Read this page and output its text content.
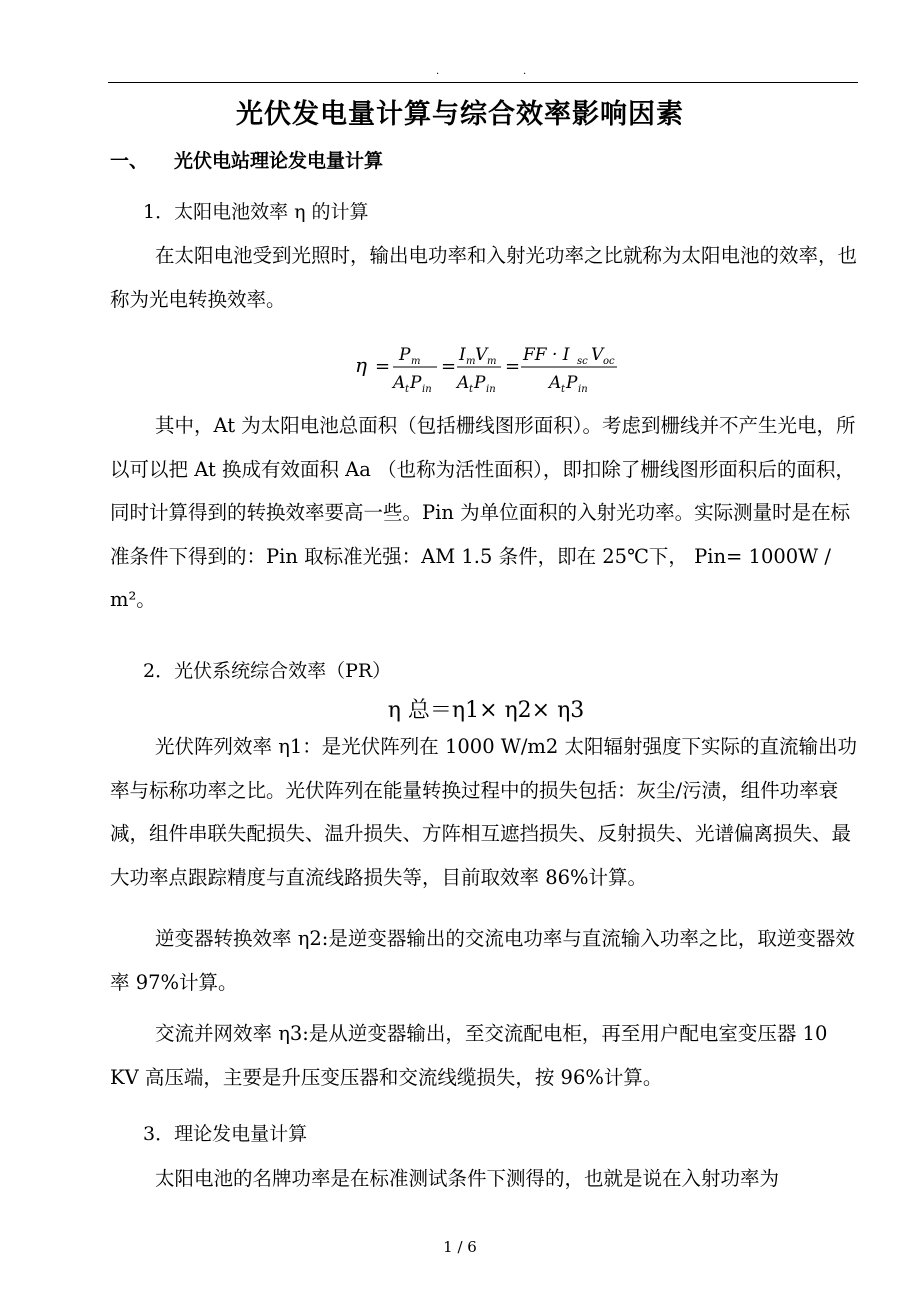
.	.
光伏发电量计算与综合效率影响因素
一、 光伏电站理论发电量计算
1．太阳电池效率 η 的计算

在太阳电池受到光照时，输出电功率和入射光功率之比就称为太阳电池的效率，也称为光电转换效率。

η =
P m
A t P in
=
I m V m
A t P in
=
FF · I sc V oc
A t P in

其中，At 为太阳电池总面积（包括栅线图形面积）。考虑到栅线并不产生光电，所以可以把 At 换成有效面积 Aa （也称为活性面积），即扣除了栅线图形面积后的面积，同时计算得到的转换效率要高一些。Pin 为单位面积的入射光功率。实际测量时是在标准条件下得到的：Pin 取标准光强：AM 1.5 条件，即在 25℃下， Pin= 1000W / m²。

2．光伏系统综合效率（PR）
η 总＝η1× η2× η3

光伏阵列效率 η1：是光伏阵列在 1000 W/m2 太阳辐射强度下实际的直流输出功率与标称功率之比。光伏阵列在能量转换过程中的损失包括：灰尘/污渍，组件功率衰减，组件串联失配损失、温升损失、方阵相互遮挡损失、反射损失、光谱偏离损失、最大功率点跟踪精度与直流线路损失等，目前取效率 86%计算。

逆变器转换效率 η2:是逆变器输出的交流电功率与直流输入功率之比，取逆变器效率 97%计算。

交流并网效率 η3:是从逆变器输出，至交流配电柜，再至用户配电室变压器 10 KV 高压端，主要是升压变压器和交流线缆损失，按 96%计算。

3．理论发电量计算

太阳电池的名牌功率是在标准测试条件下测得的，也就是说在入射功率为

1 / 6
